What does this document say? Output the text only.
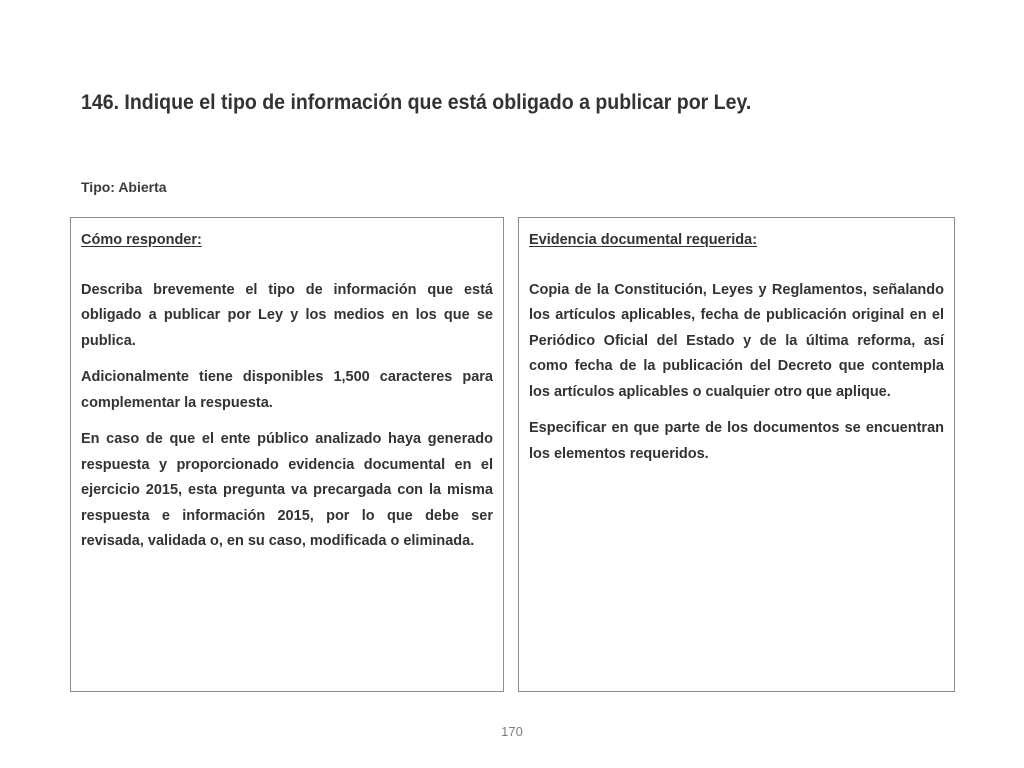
146. Indique el tipo de información que está obligado a publicar por Ley.
Tipo: Abierta
Cómo responder:

Describa brevemente el tipo de información que está obligado a publicar por Ley y los medios en los que se publica.

Adicionalmente tiene disponibles 1,500 caracteres para complementar la respuesta.

En caso de que el ente público analizado haya generado respuesta y proporcionado evidencia documental en el ejercicio 2015, esta pregunta va precargada con la misma respuesta e información 2015, por lo que debe ser revisada, validada o, en su caso, modificada o eliminada.

Evidencia documental requerida:

Copia de la Constitución, Leyes y Reglamentos, señalando los artículos aplicables, fecha de publicación original en el Periódico Oficial del Estado y de la última reforma, así como fecha de la publicación del Decreto que contempla los artículos aplicables o cualquier otro que aplique.

Especificar en que parte de los documentos se encuentran los elementos requeridos.

170
